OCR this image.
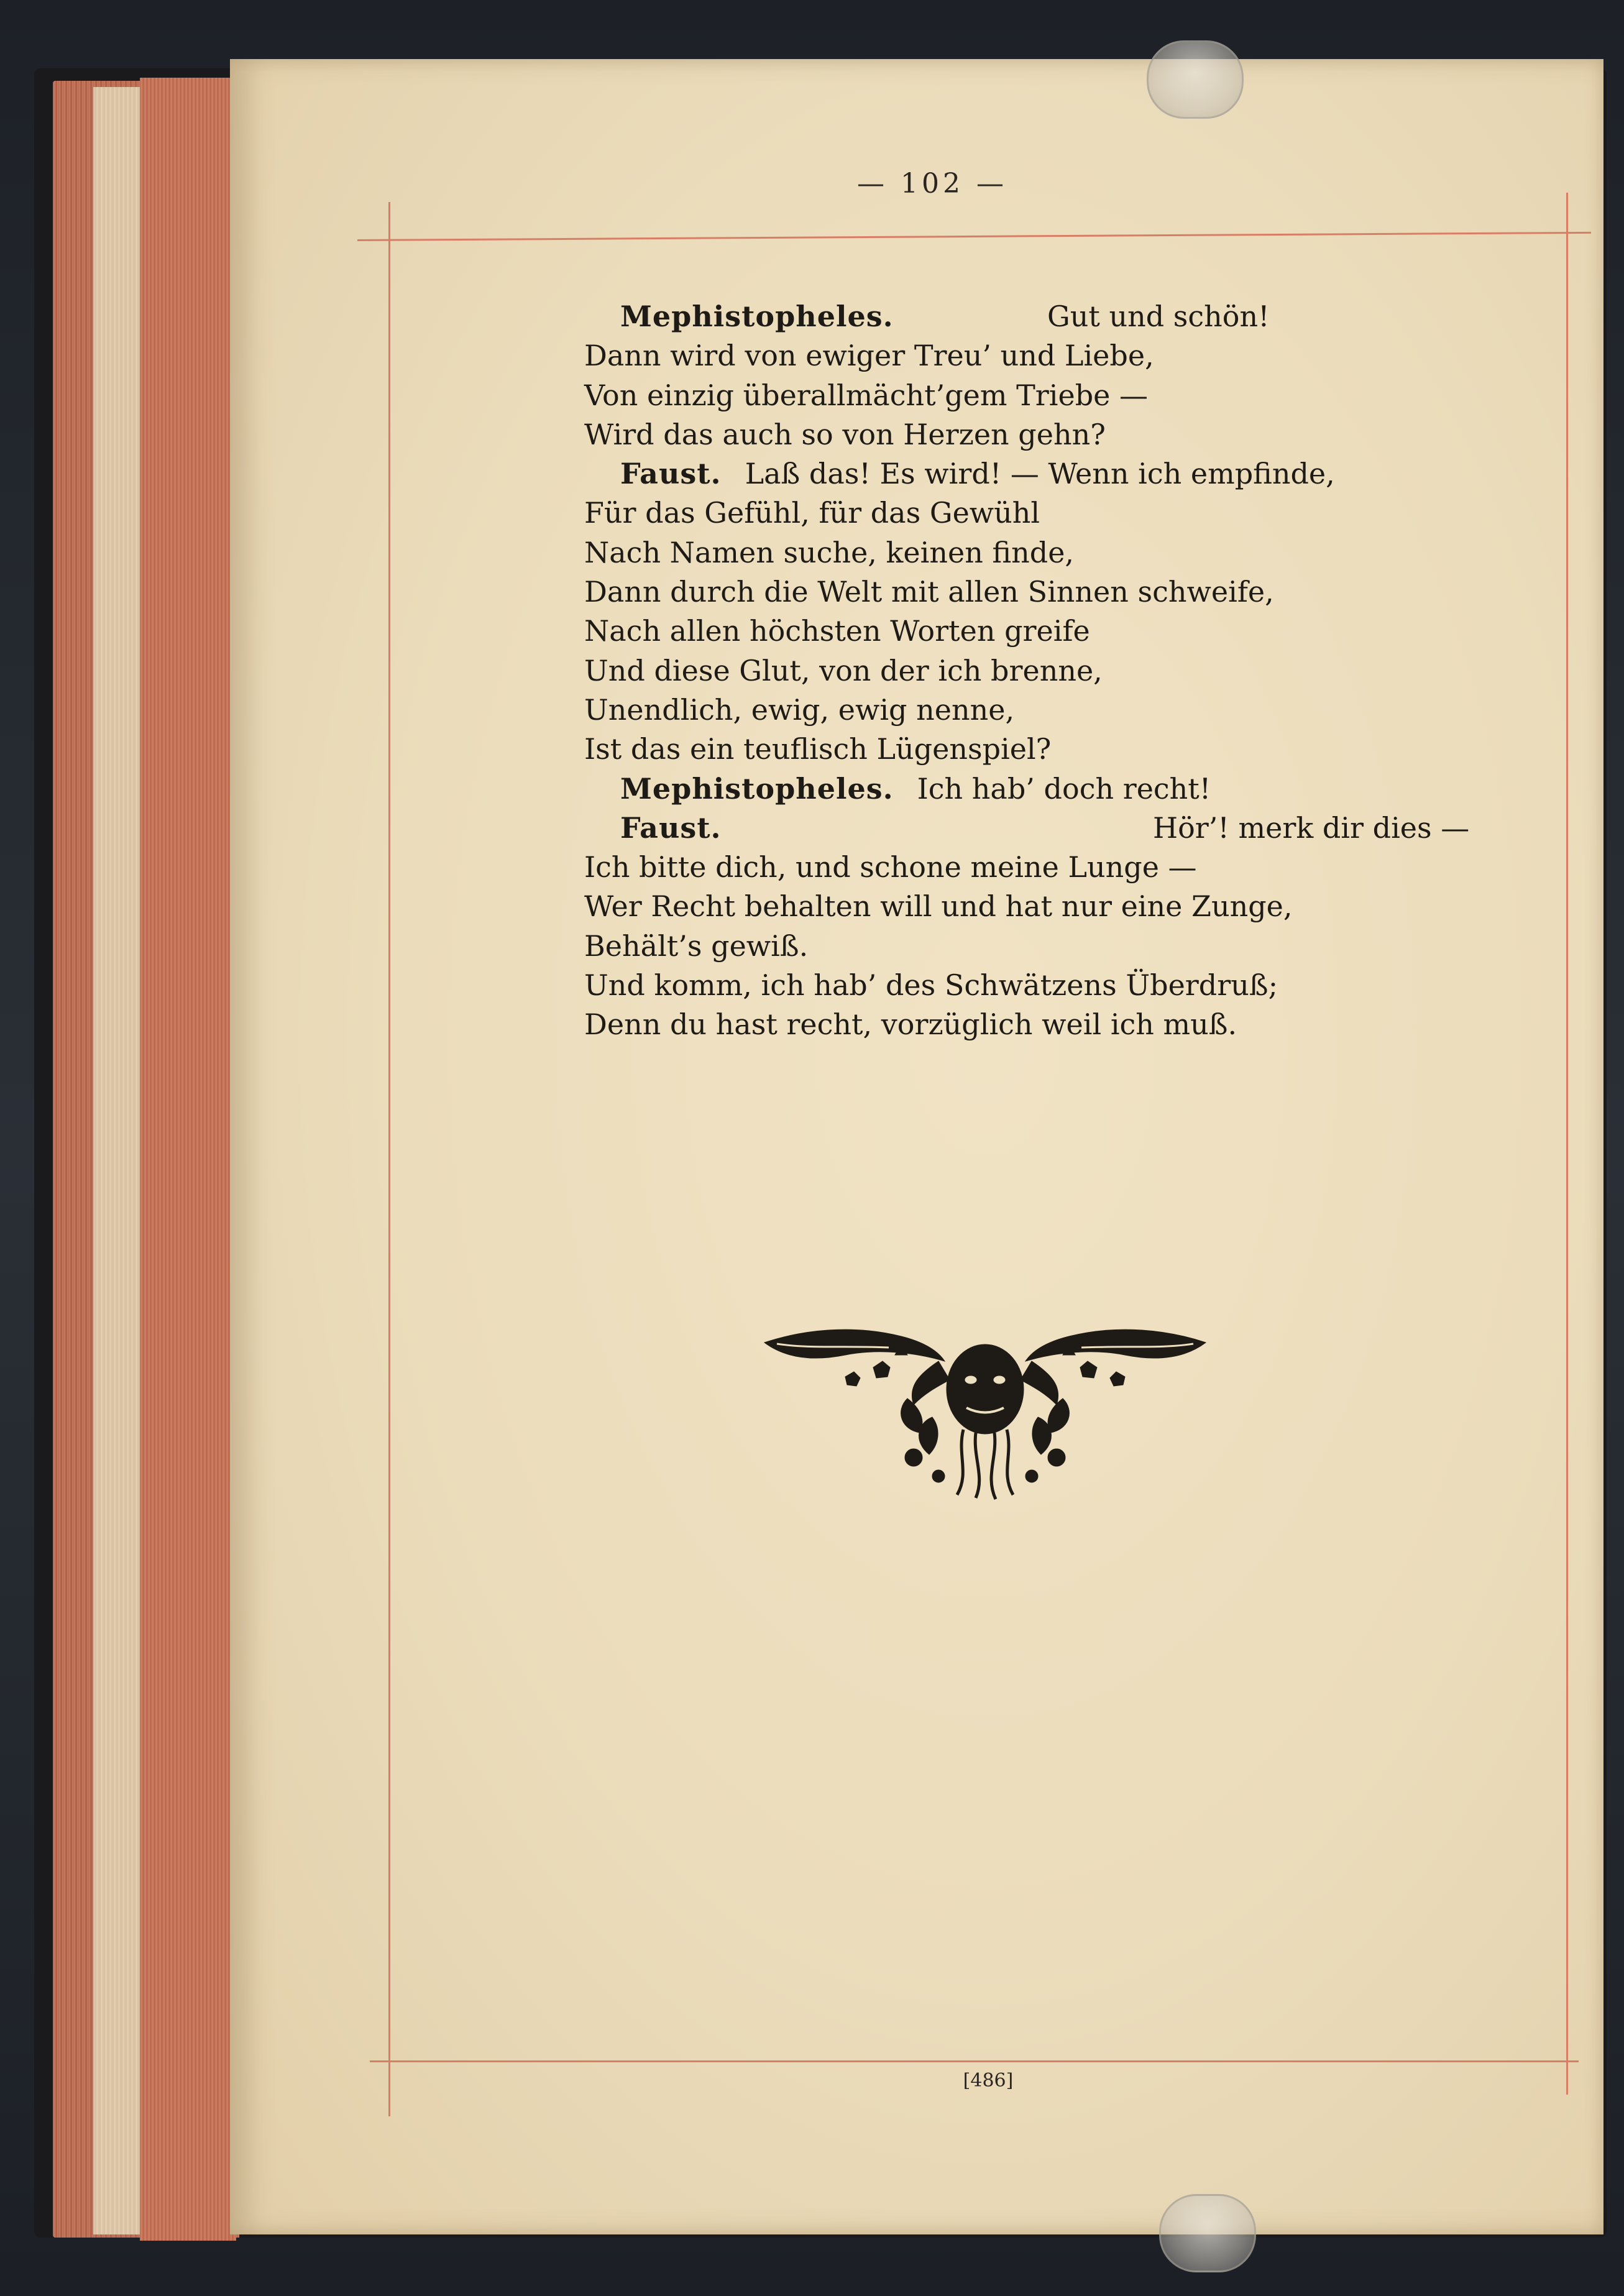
— 102 —
Mephistopheles.	Gut und schön!
Dann wird von ewiger Treu’ und Liebe,
Von einzig überallmächt’gem Triebe —
Wird das auch so von Herzen gehn?
Faust. Laß das! Es wird! — Wenn ich empfinde,
Für das Gefühl, für das Gewühl
Nach Namen suche, keinen finde,
Dann durch die Welt mit allen Sinnen schweife,
Nach allen höchsten Worten greife
Und diese Glut, von der ich brenne,
Unendlich, ewig, ewig nenne,
Ist das ein teuflisch Lügenspiel?
Mephistopheles. Ich hab’ doch recht!
Faust.	Hör’! merk dir dies —
Ich bitte dich, und schone meine Lunge —
Wer Recht behalten will und hat nur eine Zunge,
Behält’s gewiß.
Und komm, ich hab’ des Schwätzens Überdruß;
Denn du hast recht, vorzüglich weil ich muß.
[486]
